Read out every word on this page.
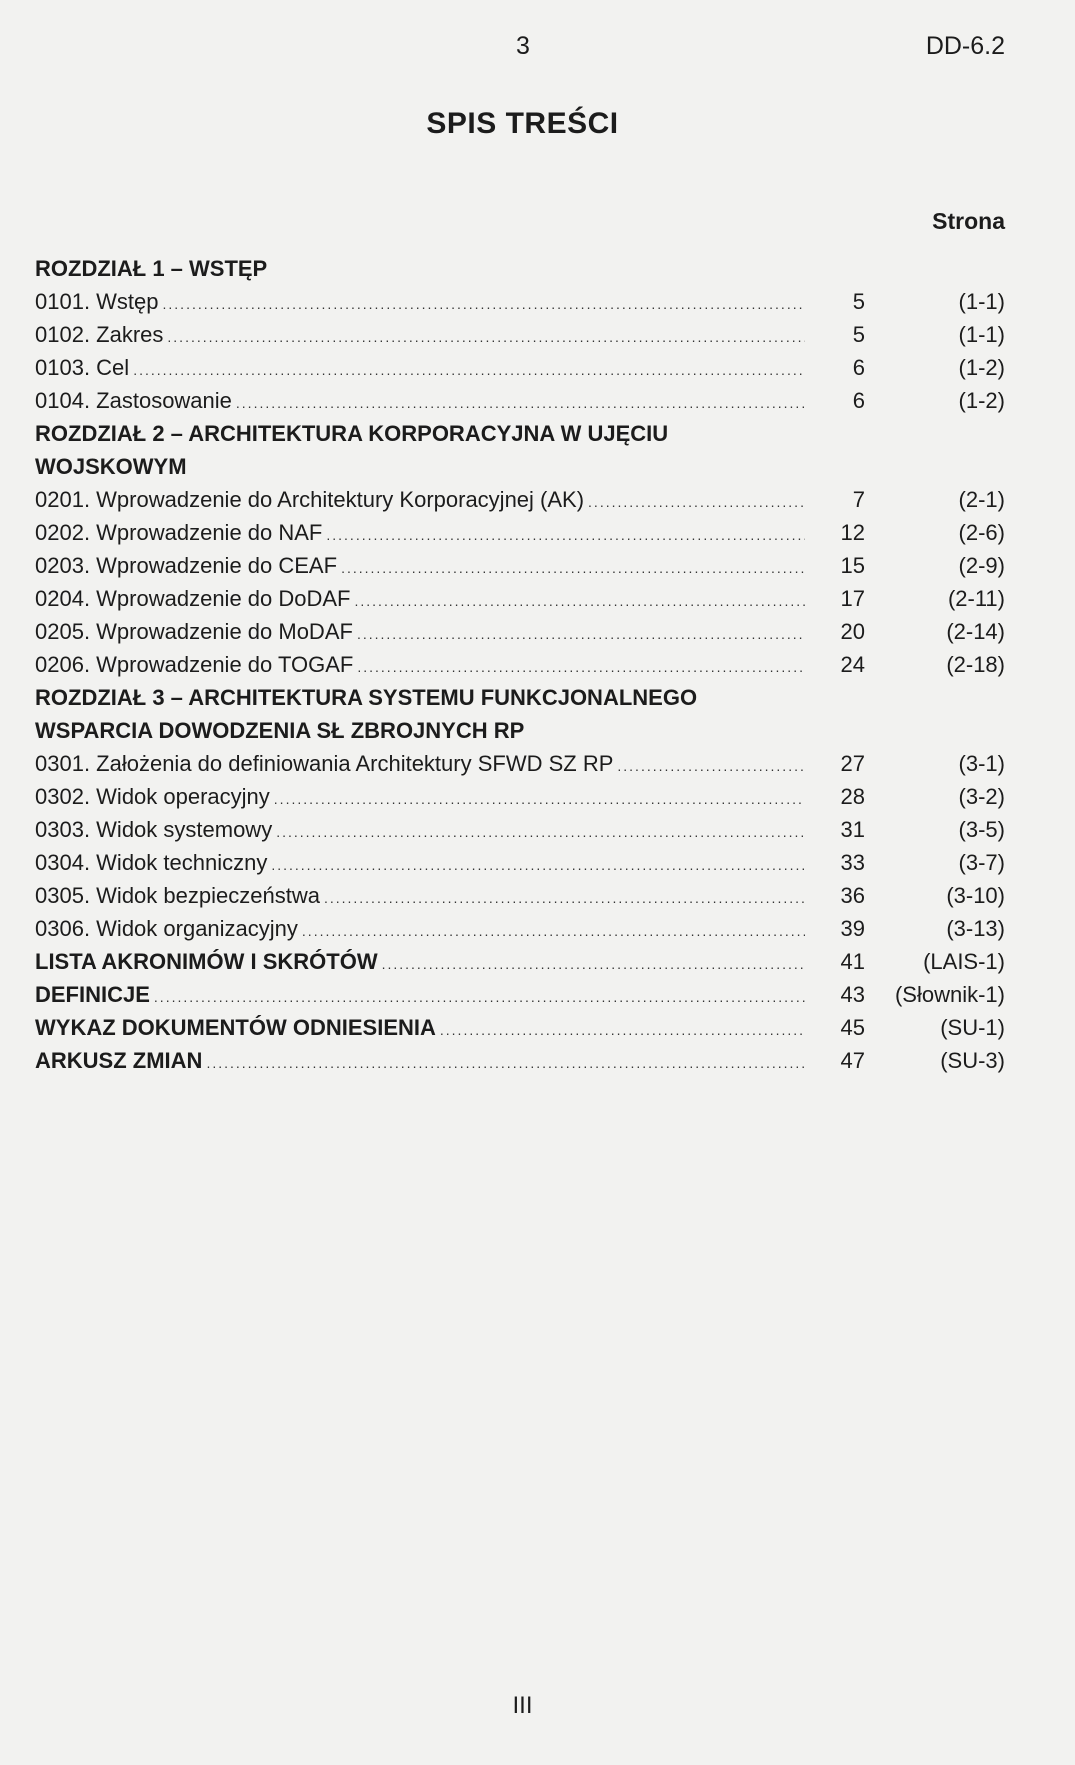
3	DD-6.2
SPIS TREŚCI
Strona
ROZDZIAŁ 1 – WSTĘP
0101. Wstęp .....	5	(1-1)
0102. Zakres .....	5	(1-1)
0103. Cel .....	6	(1-2)
0104. Zastosowanie .....	6	(1-2)
ROZDZIAŁ 2 – ARCHITEKTURA KORPORACYJNA W UJĘCIU WOJSKOWYM
0201. Wprowadzenie do Architektury Korporacyjnej (AK) .....	7	(2-1)
0202. Wprowadzenie do NAF .....	12	(2-6)
0203. Wprowadzenie do CEAF .....	15	(2-9)
0204. Wprowadzenie do DoDAF .....	17	(2-11)
0205. Wprowadzenie do MoDAF .....	20	(2-14)
0206. Wprowadzenie do TOGAF .....	24	(2-18)
ROZDZIAŁ 3 – ARCHITEKTURA SYSTEMU FUNKCJONALNEGO WSPARCIA DOWODZENIA SŁ ZBROJNYCH RP
0301. Założenia do definiowania Architektury SFWD SZ RP .....	27	(3-1)
0302. Widok operacyjny .....	28	(3-2)
0303. Widok systemowy .....	31	(3-5)
0304. Widok techniczny .....	33	(3-7)
0305. Widok bezpieczeństwa .....	36	(3-10)
0306. Widok organizacyjny .....	39	(3-13)
LISTA AKRONIMÓW I SKRÓTÓW .....	41	(LAIS-1)
DEFINICJE .....	43	(Słownik-1)
WYKAZ DOKUMENTÓW ODNIESIENIA .....	45	(SU-1)
ARKUSZ ZMIAN .....	47	(SU-3)
III
